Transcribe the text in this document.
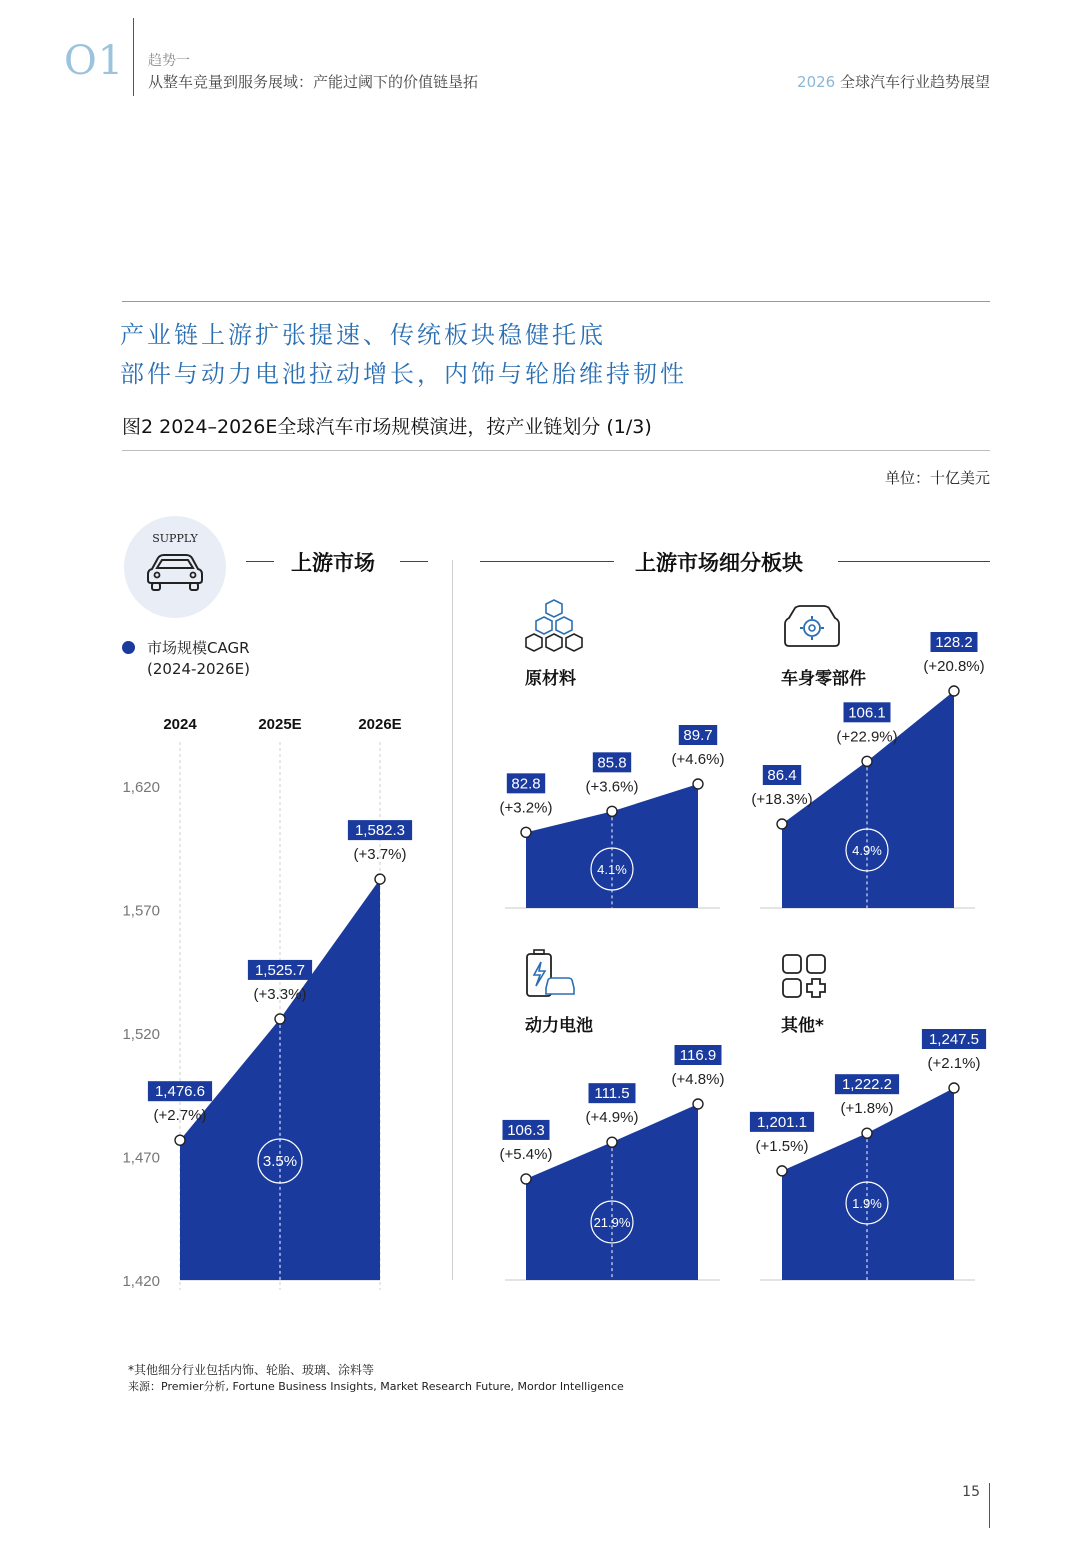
O1 趋势一
从整车竞量到服务展域：产能过阈下的价值链垦拓	2026 全球汽车行业趋势展望
产业链上游扩张提速、传统板块稳健托底
部件与动力电池拉动增长，内饰与轮胎维持韧性
图2 2024–2026E全球汽车市场规模演进，按产业链划分 (1/3)
单位：十亿美元
SUPPLY
上游市场
市场规模CAGR
(2024-2026E)
上游市场细分板块
原材料	车身零部件
动力电池	其他*
2024	2025E	2026E
1,620
1,570
1,520
1,470
1,420
3.5%
1,476.6
(+2.7%)
1,525.7
(+3.3%)
1,582.3
(+3.7%)
4.1%
82.8
(+3.2%)
85.8
(+3.6%)
89.7
(+4.6%)
4.9%
86.4
(+18.3%)
106.1
(+22.9%)
128.2
(+20.8%)
21.9%
106.3
(+5.4%)
111.5
(+4.9%)
116.9
(+4.8%)
1.9%
1,201.1
(+1.5%)
1,222.2
(+1.8%)
1,247.5
(+2.1%)
*其他细分行业包括内饰、轮胎、玻璃、涂料等
来源：Premier分析, Fortune Business Insights, Market Research Future, Mordor Intelligence
15
